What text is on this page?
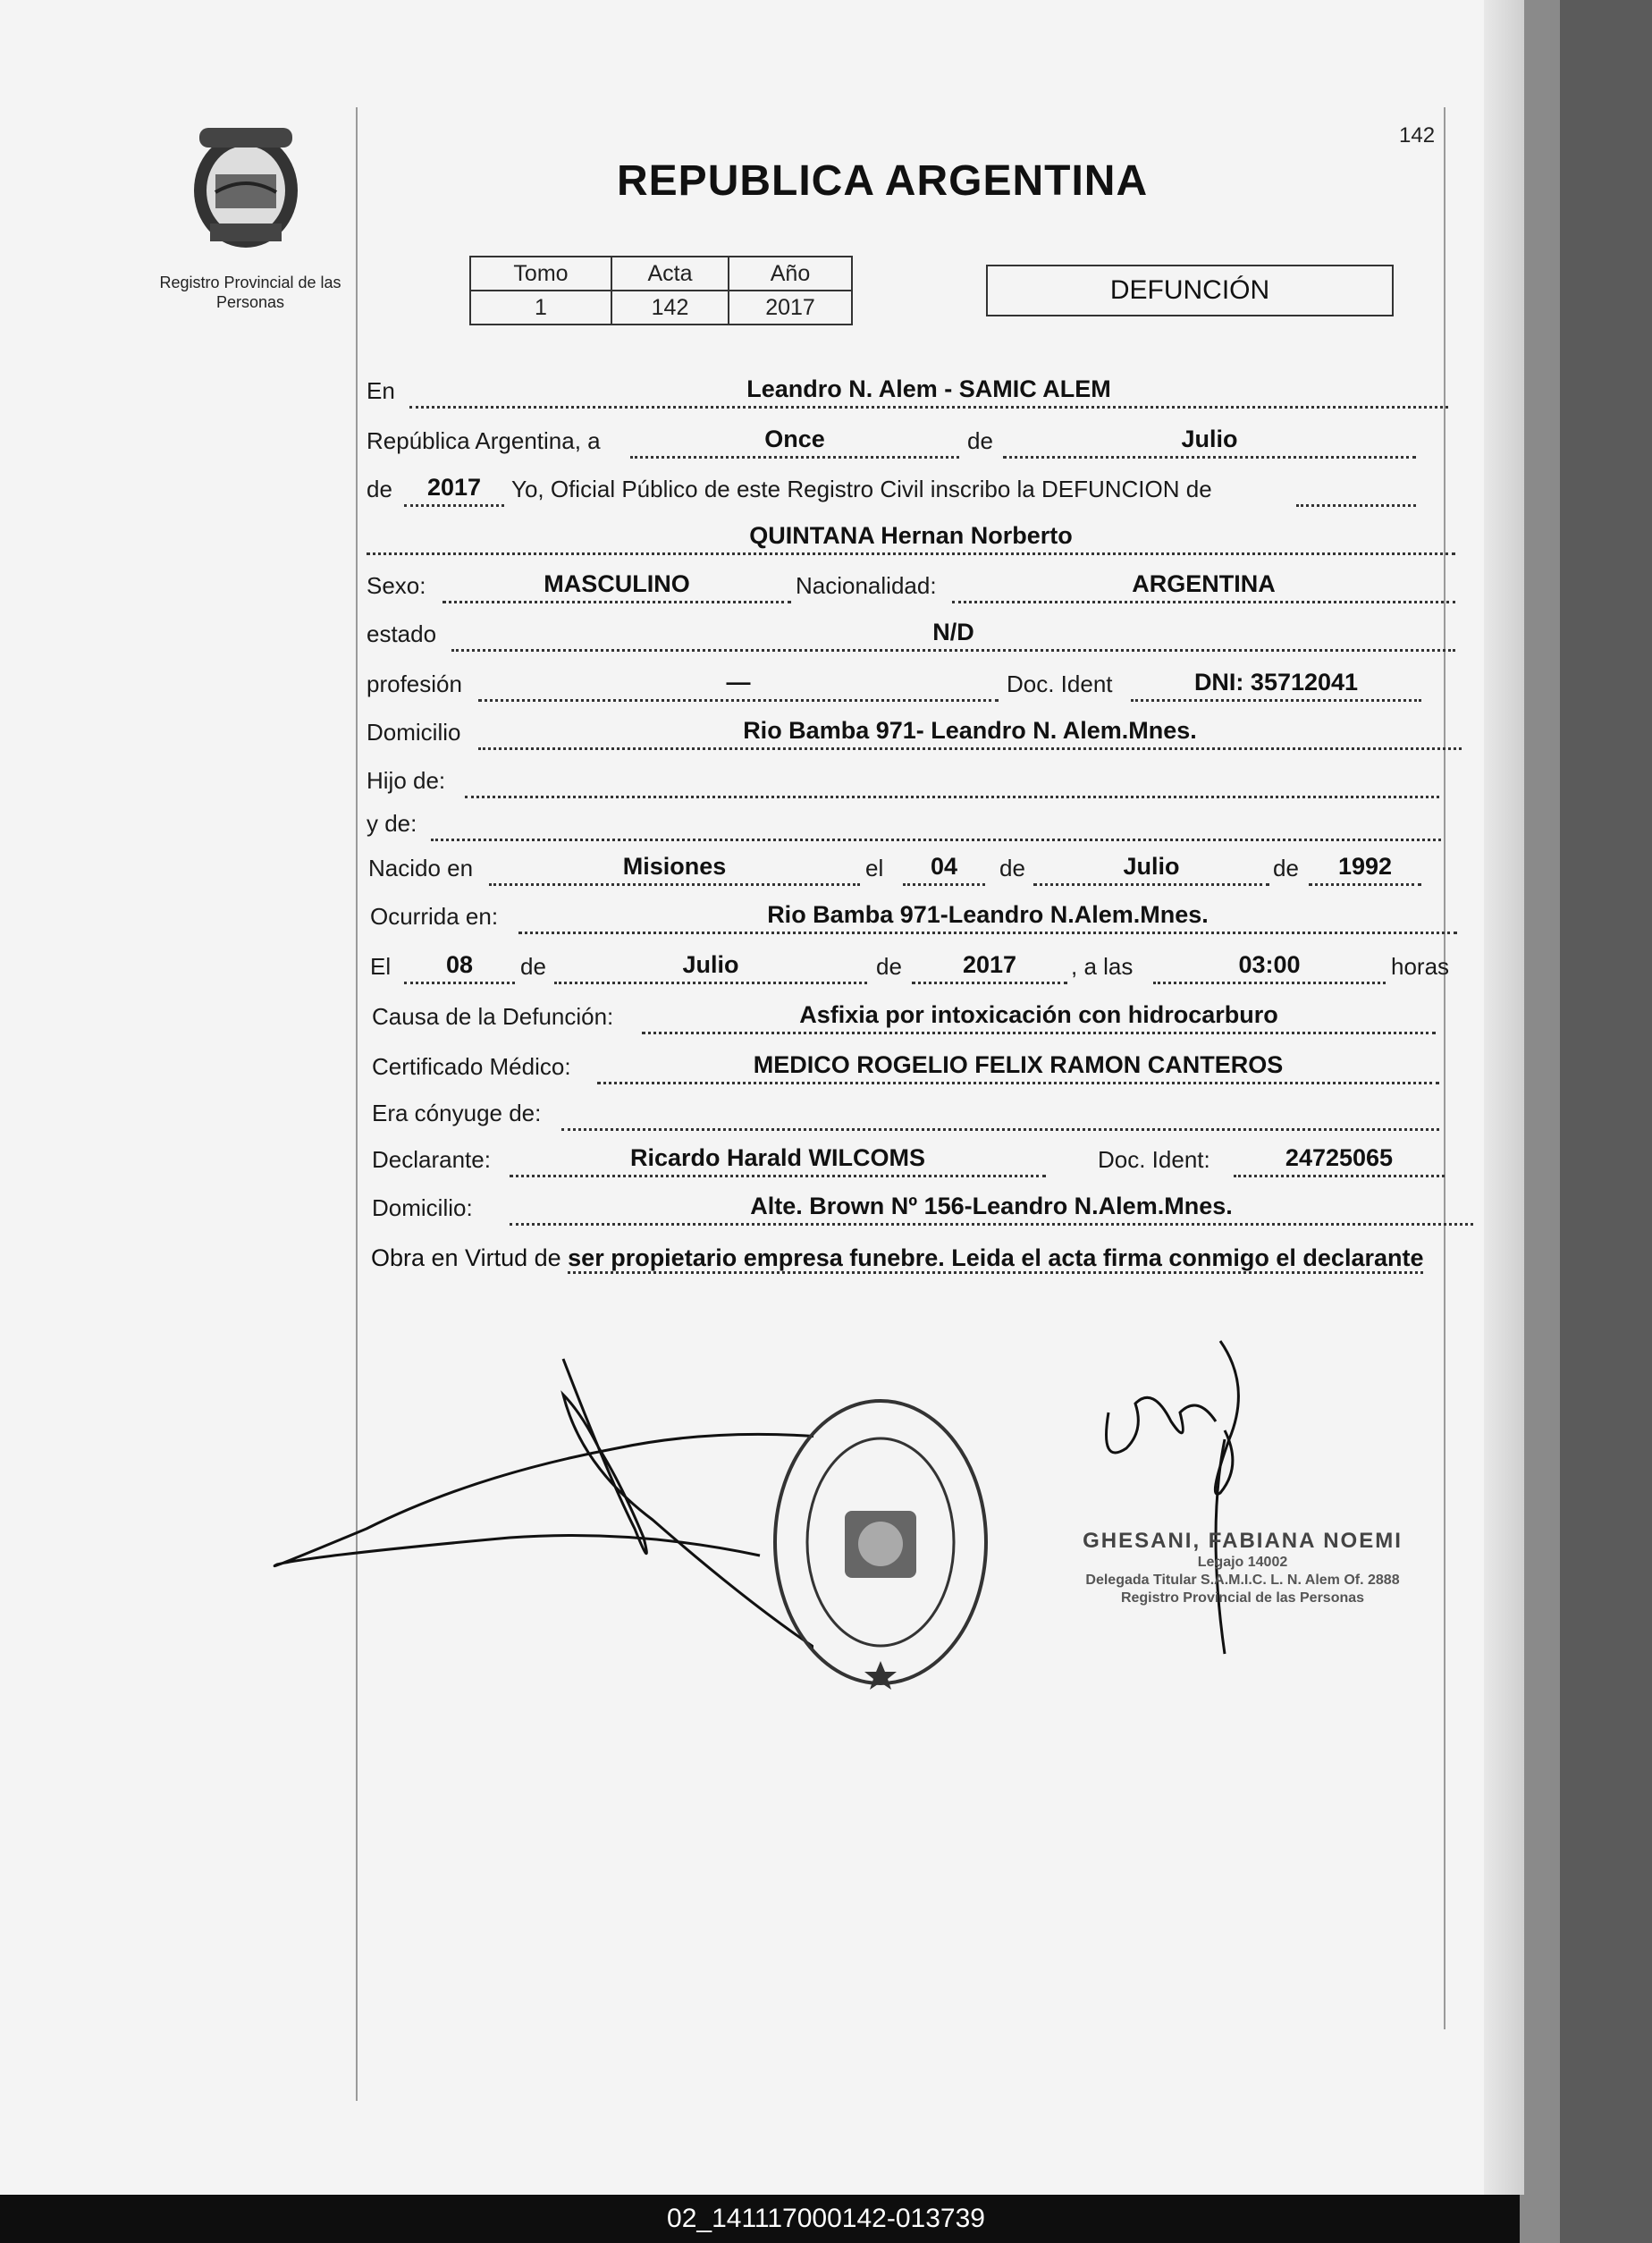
Registro Provincial de las Personas
142
REPUBLICA ARGENTINA
Tomo	Acta	Año
1	142	2017
DEFUNCIÓN
En	Leandro N. Alem - SAMIC ALEM
República Argentina, a	Once	de	Julio
de	2017	Yo, Oficial Público de este Registro Civil inscribo la DEFUNCION de
QUINTANA Hernan Norberto
Sexo:	MASCULINO	Nacionalidad:	ARGENTINA
estado	N/D
profesión	—	Doc. Ident	DNI: 35712041
Domicilio	Rio Bamba 971- Leandro N. Alem.Mnes.
Hijo de:
y de:
Nacido en	Misiones	el	04	de	Julio	de	1992
Ocurrida en:	Rio Bamba 971-Leandro N.Alem.Mnes.
El	08	de	Julio	de	2017	, a las	03:00	horas
Causa de la Defunción:	Asfixia por intoxicación con hidrocarburo
Certificado Médico:	MEDICO ROGELIO FELIX RAMON CANTEROS
Era cónyuge de:
Declarante:	Ricardo Harald WILCOMS	Doc. Ident:	24725065
Domicilio:	Alte. Brown Nº 156-Leandro N.Alem.Mnes.
Obra en Virtud de ser propietario empresa funebre. Leida el acta firma conmigo el declarante
GHESANI, FABIANA NOEMI
Legajo 14002
Delegada Titular S.A.M.I.C. L. N. Alem Of. 2888
Registro Provincial de las Personas
02_141117000142-013739
